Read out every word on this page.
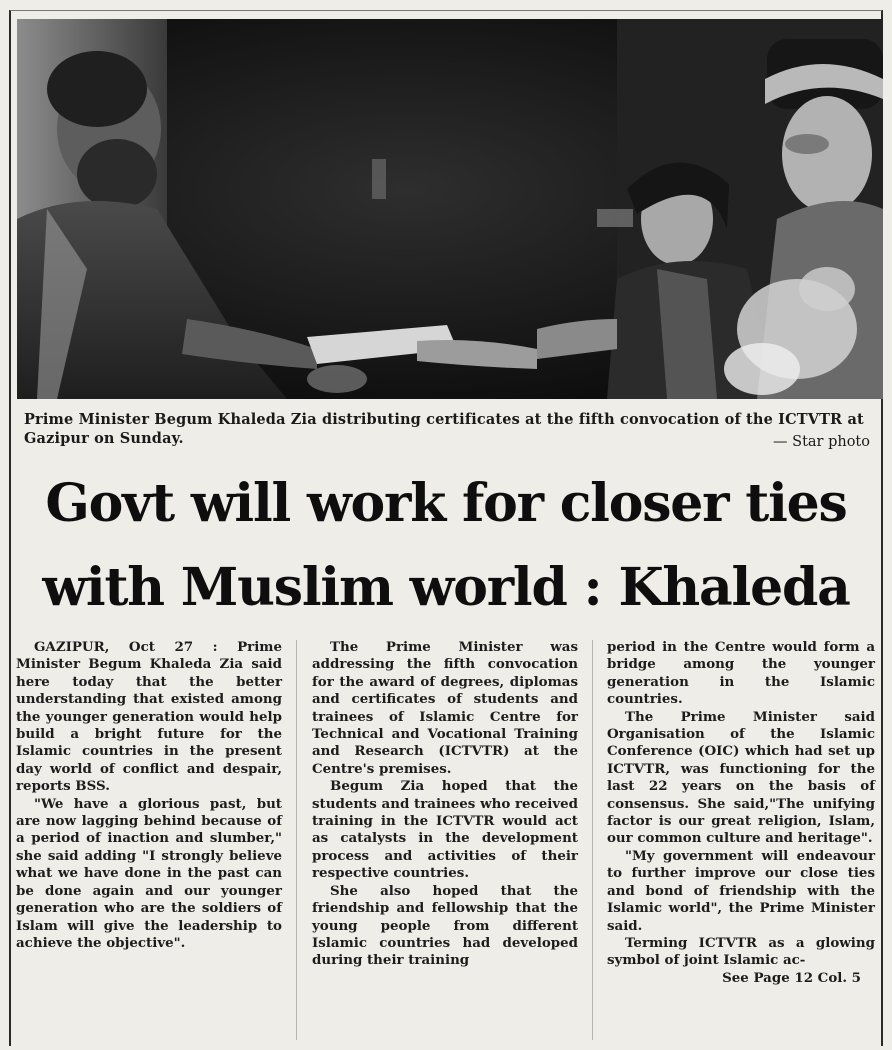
Prime Minister Begum Khaleda Zia distributing certificates at the fifth convocation of the ICTVTR at Gazipur on Sunday.	— Star photo
Govt will work for closer ties
with Muslim world : Khaleda

GAZIPUR, Oct 27 : Prime Minister Begum Khaleda Zia said here today that the better understanding that existed among the younger generation would help build a bright future for the Islamic countries in the present day world of conflict and despair, reports BSS.

"We have a glorious past, but are now lagging behind because of a period of inaction and slumber," she said adding "I strongly believe what we have done in the past can be done again and our younger generation who are the soldiers of Islam will give the leadership to achieve the objective".

The Prime Minister was addressing the fifth convocation for the award of degrees, diplomas and certificates of students and trainees of Islamic Centre for Technical and Vocational Training and Research (ICTVTR) at the Centre's premises.

Begum Zia hoped that the students and trainees who received training in the ICTVTR would act as catalysts in the development process and activities of their respective countries.

She also hoped that the friendship and fellowship that the young people from different Islamic countries had developed during their training

period in the Centre would form a bridge among the younger generation in the Islamic countries.

The Prime Minister said Organisation of the Islamic Conference (OIC) which had set up ICTVTR, was functioning for the last 22 years on the basis of consensus. She said,"The unifying factor is our great religion, Islam, our common culture and heritage".

"My government will endeavour to further improve our close ties and bond of friendship with the Islamic world", the Prime Minister said.

Terming ICTVTR as a glowing symbol of joint Islamic ac-

See Page 12 Col. 5
